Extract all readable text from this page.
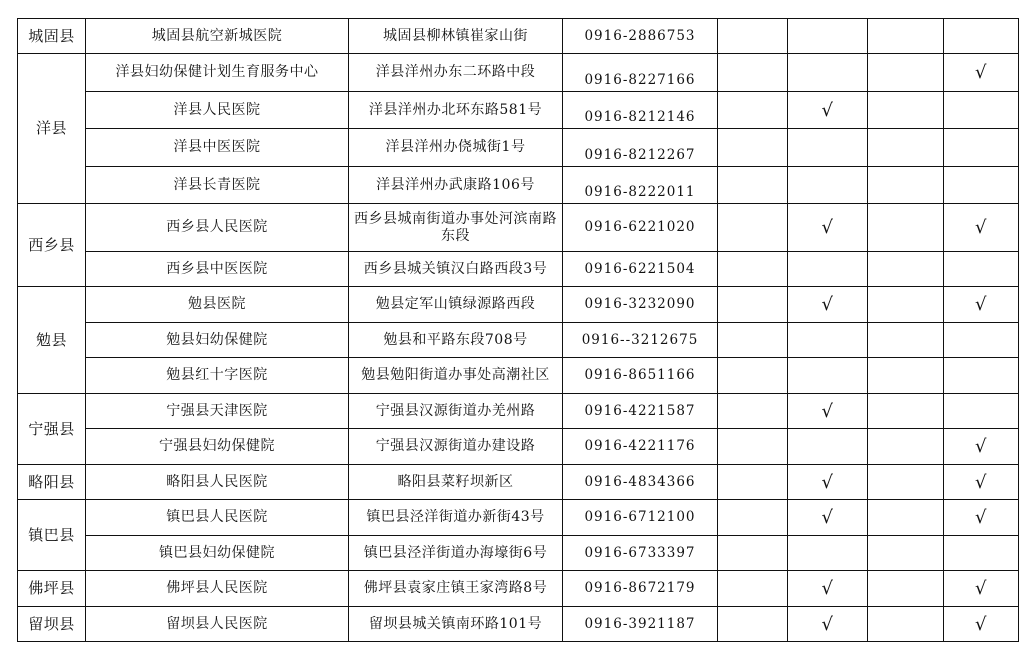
城固县	城固县航空新城医院	城固县柳林镇崔家山街	0916-2886753				
洋县	洋县妇幼保健计划生育服务中心	洋县洋州办东二环路中段	0916-8227166				√
	洋县人民医院	洋县洋州办北环东路581号	0916-8212146		√		
	洋县中医医院	洋县洋州办侥城街1号	0916-8212267				
	洋县长青医院	洋县洋州办武康路106号	0916-8222011				
西乡县	西乡县人民医院	西乡县城南街道办事处河滨南路东段	0916-6221020		√		√
	西乡县中医医院	西乡县城关镇汉白路西段3号	0916-6221504				
勉县	勉县医院	勉县定军山镇绿源路西段	0916-3232090		√		√
	勉县妇幼保健院	勉县和平路东段708号	0916--3212675				
	勉县红十字医院	勉县勉阳街道办事处高潮社区	0916-8651166				
宁强县	宁强县天津医院	宁强县汉源街道办羌州路	0916-4221587		√		
	宁强县妇幼保健院	宁强县汉源街道办建设路	0916-4221176				√
略阳县	略阳县人民医院	略阳县菜籽坝新区	0916-4834366		√		√
镇巴县	镇巴县人民医院	镇巴县泾洋街道办新街43号	0916-6712100		√		√
	镇巴县妇幼保健院	镇巴县泾洋街道办海壕街6号	0916-6733397				
佛坪县	佛坪县人民医院	佛坪县袁家庄镇王家湾路8号	0916-8672179		√		√
留坝县	留坝县人民医院	留坝县城关镇南环路101号	0916-3921187		√		√
